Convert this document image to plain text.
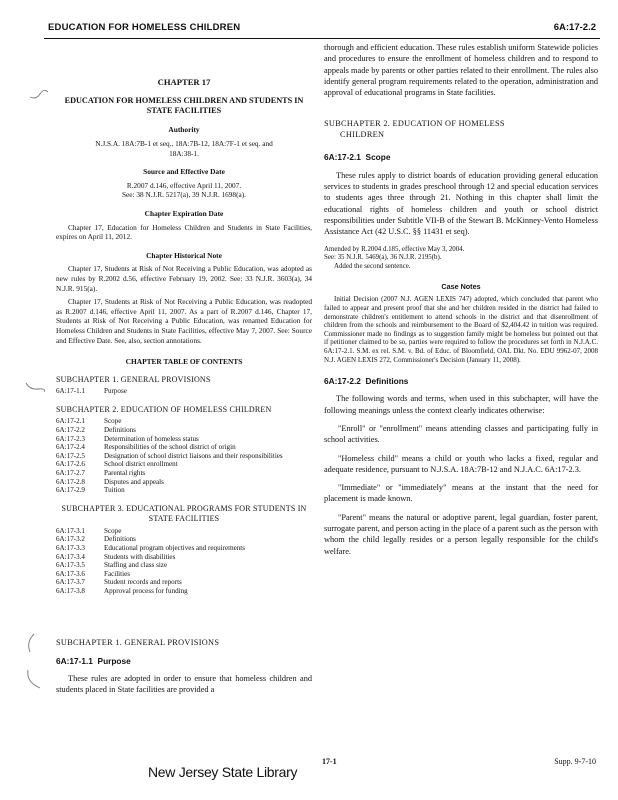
EDUCATION FOR HOMELESS CHILDREN	6A:17-2.2
CHAPTER 17
EDUCATION FOR HOMELESS CHILDREN AND STUDENTS IN STATE FACILITIES
Authority
N.J.S.A. 18A:7B-1 et seq., 18A:7B-12, 18A:7F-1 et seq. and 18A:38-1.
Source and Effective Date
R.2007 d.146, effective April 11, 2007.
See: 38 N.J.R. 5217(a), 39 N.J.R. 1698(a).
Chapter Expiration Date
Chapter 17, Education for Homeless Children and Students in State Facilities, expires on April 11, 2012.
Chapter Historical Note
Chapter 17, Students at Risk of Not Receiving a Public Education, was adopted as new rules by R.2002 d.56, effective February 19, 2002. See: 33 N.J.R. 3603(a), 34 N.J.R. 915(a).
Chapter 17, Students at Risk of Not Receiving a Public Education, was readopted as R.2007 d.146, effective April 11, 2007. As a part of R.2007 d.146, Chapter 17, Students at Risk of Not Receiving a Public Education, was renamed Education for Homeless Children and Students in State Facilities, effective May 7, 2007. See: Source and Effective Date. See, also, section annotations.
CHAPTER TABLE OF CONTENTS
SUBCHAPTER 1. GENERAL PROVISIONS
6A:17-1.1	Purpose
SUBCHAPTER 2. EDUCATION OF HOMELESS CHILDREN
6A:17-2.1	Scope
6A:17-2.2	Definitions
6A:17-2.3	Determination of homeless status
6A:17-2.4	Responsibilities of the school district of origin
6A:17-2.5	Designation of school district liaisons and their responsibilities
6A:17-2.6	School district enrollment
6A:17-2.7	Parental rights
6A:17-2.8	Disputes and appeals
6A:17-2.9	Tuition
SUBCHAPTER 3. EDUCATIONAL PROGRAMS FOR STUDENTS IN STATE FACILITIES
6A:17-3.1	Scope
6A:17-3.2	Definitions
6A:17-3.3	Educational program objectives and requirements
6A:17-3.4	Students with disabilities
6A:17-3.5	Staffing and class size
6A:17-3.6	Facilities
6A:17-3.7	Student records and reports
6A:17-3.8	Approval process for funding
SUBCHAPTER 1. GENERAL PROVISIONS
6A:17-1.1 Purpose
These rules are adopted in order to ensure that homeless children and students placed in State facilities are provided a
thorough and efficient education. These rules establish uniform Statewide policies and procedures to ensure the enrollment of homeless children and to respond to appeals made by parents or other parties related to their enrollment. The rules also identify general program requirements related to the operation, administration and approval of educational programs in State facilities.
SUBCHAPTER 2. EDUCATION OF HOMELESS
CHILDREN
6A:17-2.1 Scope
These rules apply to district boards of education providing general education services to students in grades preschool through 12 and special education services to students ages three through 21. Nothing in this chapter shall limit the educational rights of homeless children and youth or school district responsibilities under Subtitle VII-B of the Stewart B. McKinney-Vento Homeless Assistance Act (42 U.S.C. §§ 11431 et seq).
Amended by R.2004 d.185, effective May 3, 2004.
See: 35 N.J.R. 5469(a), 36 N.J.R. 2195(b).
Added the second sentence.
Case Notes
Initial Decision (2007 N.J. AGEN LEXIS 747) adopted, which concluded that parent who failed to appear and present proof that she and her children resided in the district had failed to demonstrate children's entitlement to attend schools in the district and that disenrollment of children from the schools and reimbursement to the Board of $2,404.42 in tuition was required. Commissioner made no findings as to suggestion family might be homeless but pointed out that if petitioner claimed to be so, parties were required to follow the procedures set forth in N.J.A.C. 6A:17-2.1. S.M. ex rel. S.M. v. Bd. of Educ. of Bloomfield, OAL Dkt. No. EDU 9962-07, 2008 N.J. AGEN LEXIS 272, Commissioner's Decision (January 11, 2008).
6A:17-2.2 Definitions
The following words and terms, when used in this subchapter, will have the following meanings unless the context clearly indicates otherwise:
"Enroll" or "enrollment" means attending classes and participating fully in school activities.
"Homeless child" means a child or youth who lacks a fixed, regular and adequate residence, pursuant to N.J.S.A. 18A:7B-12 and N.J.A.C. 6A:17-2.3.
"Immediate" or "immediately" means at the instant that the need for placement is made known.
"Parent" means the natural or adoptive parent, legal guardian, foster parent, surrogate parent, and person acting in the place of a parent such as the person with whom the child legally resides or a person legally responsible for the child's welfare.
New Jersey State Library
17-1	Supp. 9-7-10
